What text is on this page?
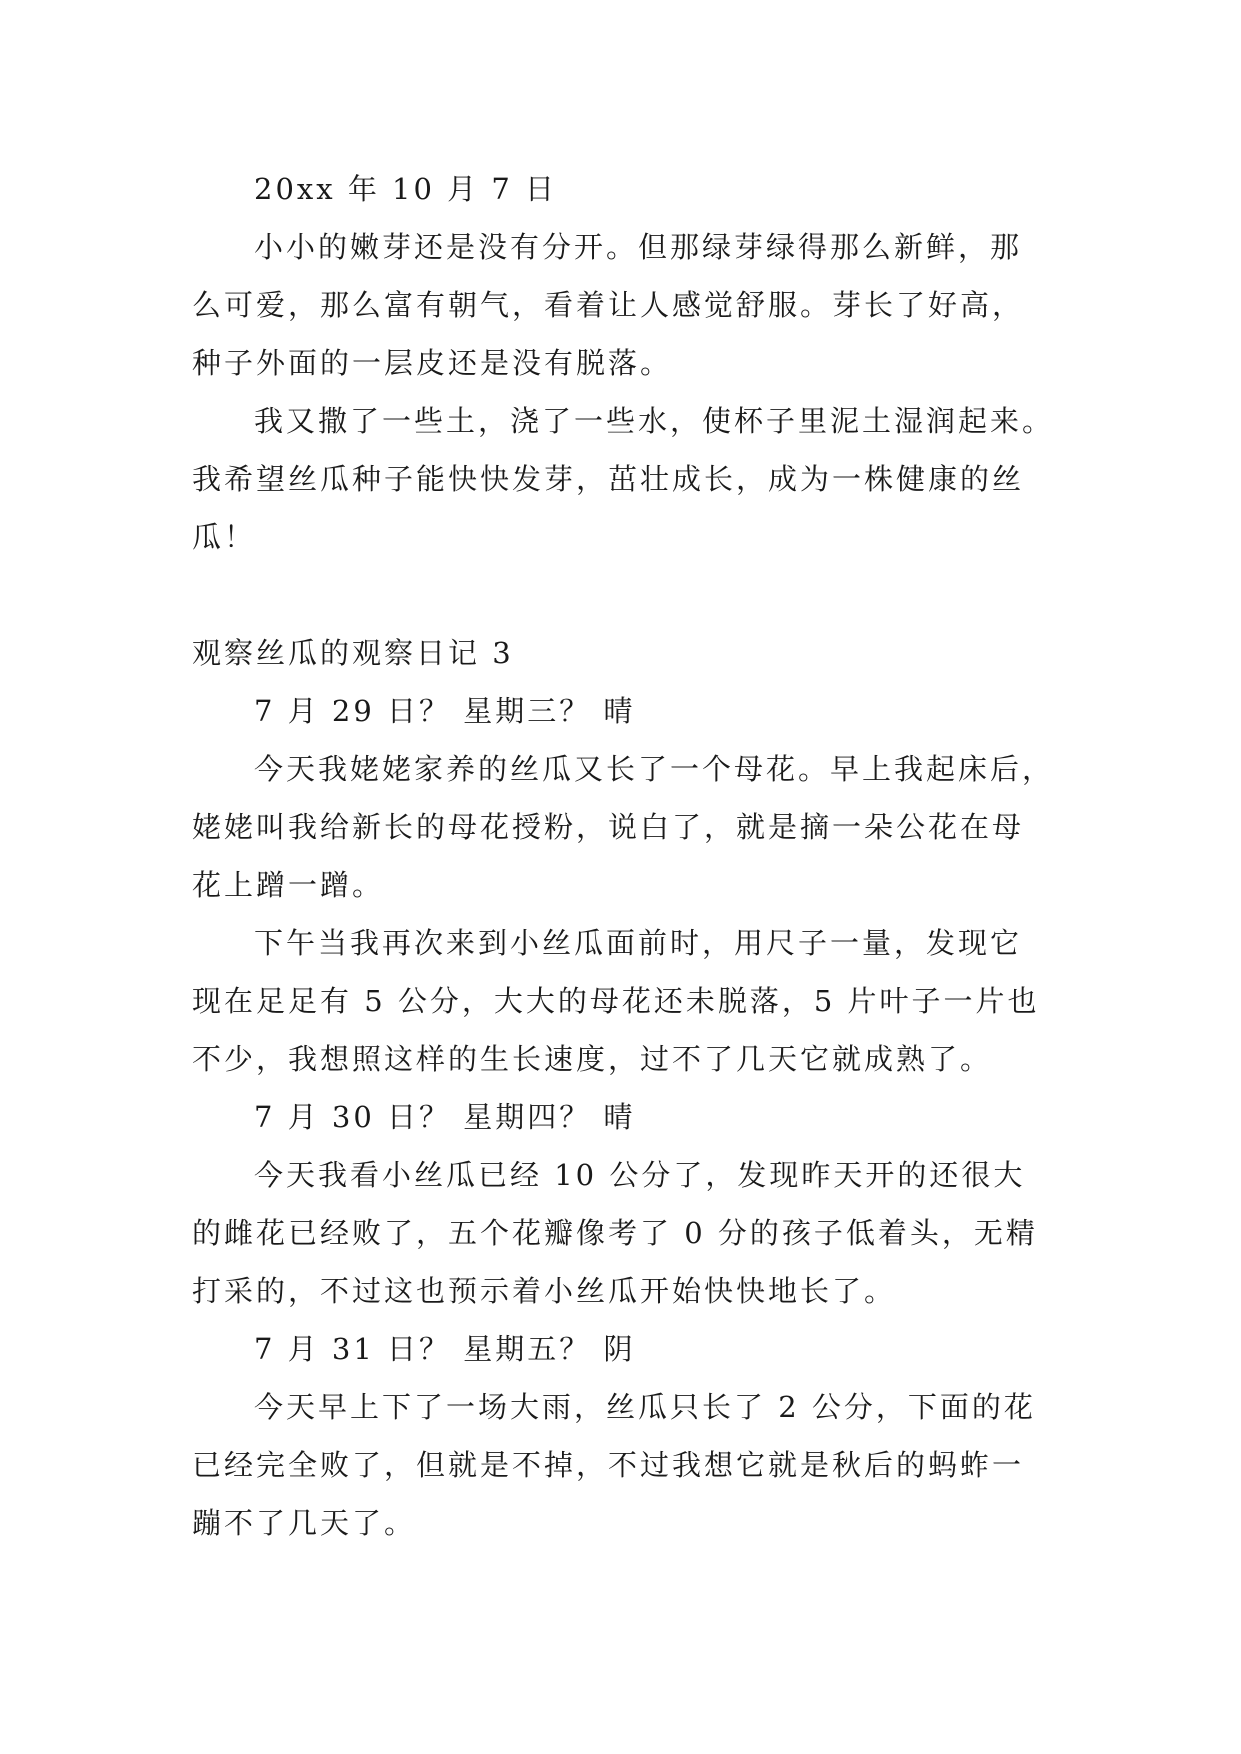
20xx 年 10 月 7 日
小小的嫩芽还是没有分开。但那绿芽绿得那么新鲜，那
么可爱，那么富有朝气，看着让人感觉舒服。芽长了好高，
种子外面的一层皮还是没有脱落。
我又撒了一些土，浇了一些水，使杯子里泥土湿润起来。
我希望丝瓜种子能快快发芽，茁壮成长，成为一株健康的丝
瓜！
观察丝瓜的观察日记 3
7 月 29 日？ 星期三？ 晴
今天我姥姥家养的丝瓜又长了一个母花。早上我起床后，
姥姥叫我给新长的母花授粉，说白了，就是摘一朵公花在母
花上蹭一蹭。
下午当我再次来到小丝瓜面前时，用尺子一量，发现它
现在足足有 5 公分，大大的母花还未脱落，5 片叶子一片也
不少，我想照这样的生长速度，过不了几天它就成熟了。
7 月 30 日？ 星期四？ 晴
今天我看小丝瓜已经 10 公分了，发现昨天开的还很大
的雌花已经败了，五个花瓣像考了 0 分的孩子低着头，无精
打采的，不过这也预示着小丝瓜开始快快地长了。
7 月 31 日？ 星期五？ 阴
今天早上下了一场大雨，丝瓜只长了 2 公分，下面的花
已经完全败了，但就是不掉，不过我想它就是秋后的蚂蚱一
蹦不了几天了。
